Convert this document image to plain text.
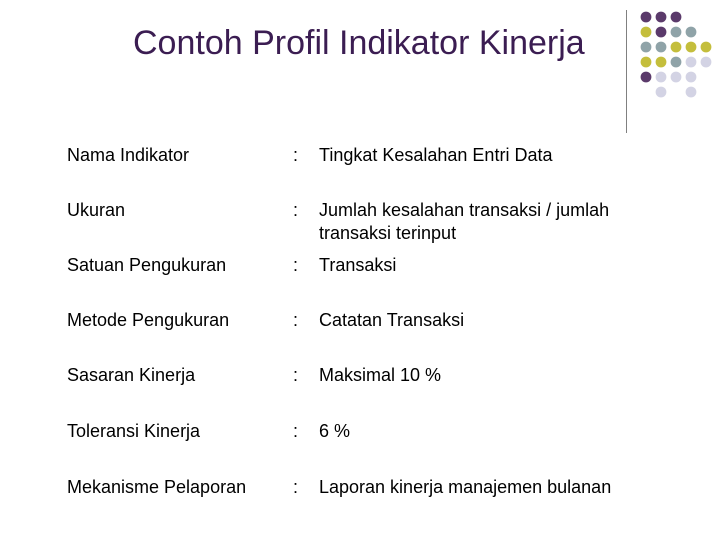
Contoh Profil Indikator Kinerja
Nama Indikator	: Tingkat Kesalahan Entri Data
Ukuran	: Jumlah kesalahan transaksi / jumlah transaksi terinput
Satuan Pengukuran	: Transaksi
Metode Pengukuran	: Catatan Transaksi
Sasaran Kinerja	: Maksimal 10 %
Toleransi Kinerja	: 6 %
Mekanisme Pelaporan	: Laporan kinerja manajemen bulanan
